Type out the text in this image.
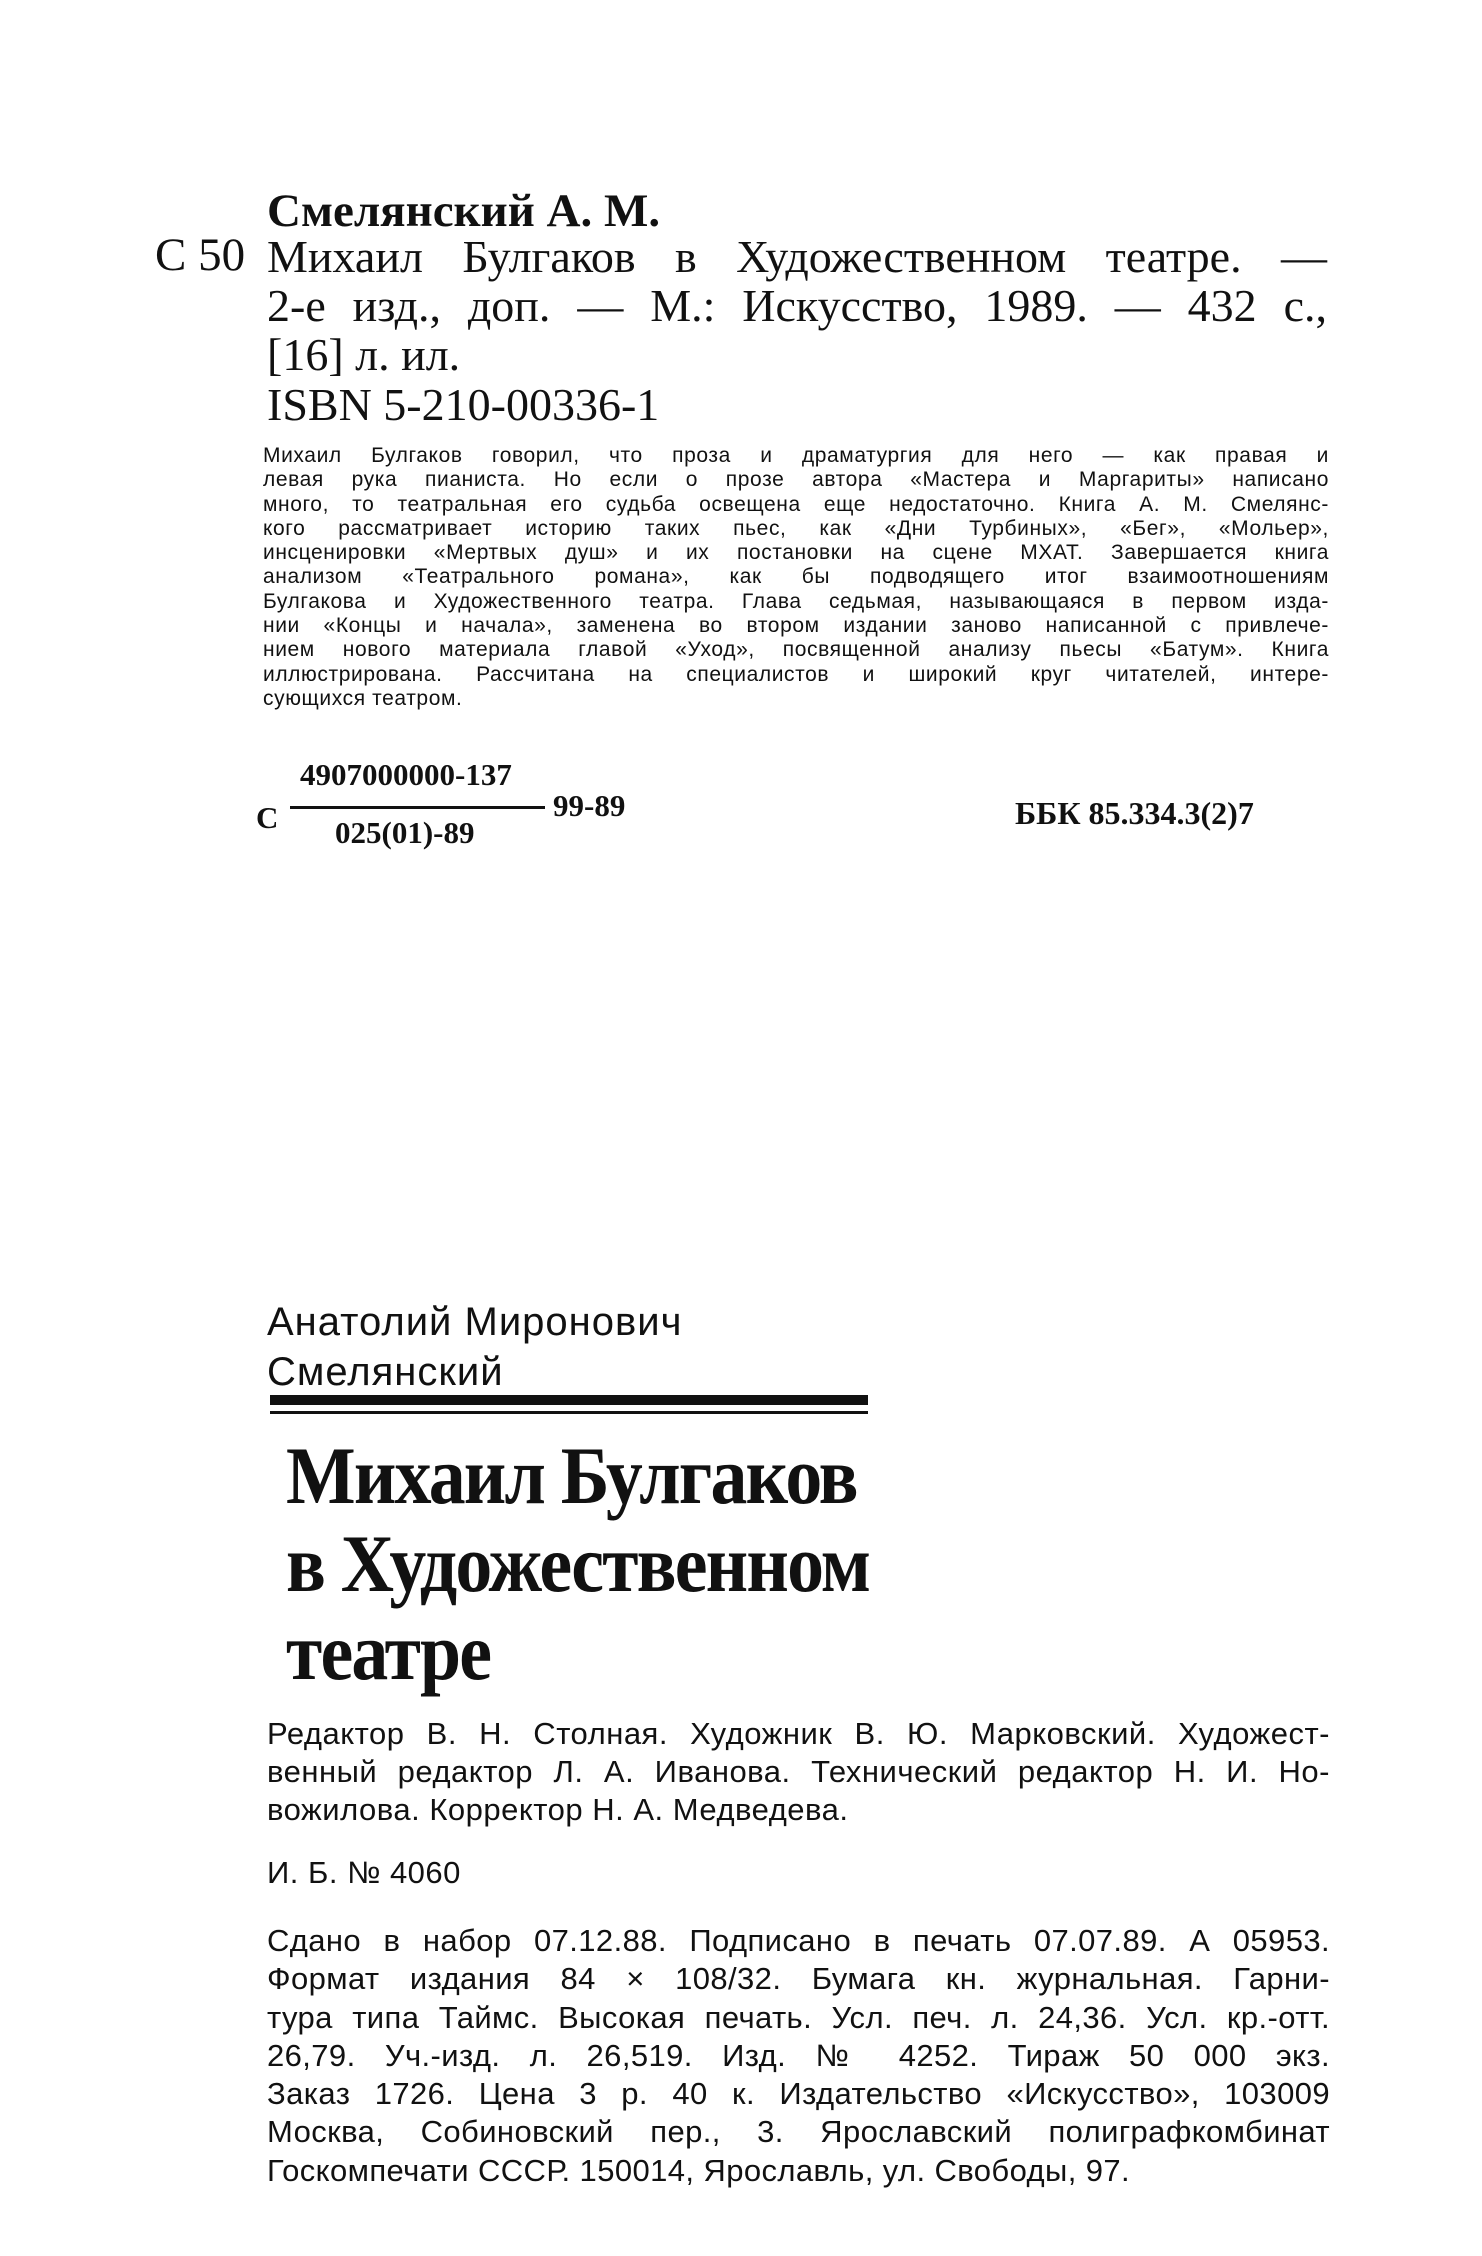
Смелянский А. М.
С 50 Михаил Булгаков в Художественном театре. —
2-е изд., доп. — М.: Искусство, 1989. — 432 с.,
[16] л. ил.
ISBN 5-210-00336-1
Михаил Булгаков говорил, что проза и драматургия для него — как правая и
левая рука пианиста. Но если о прозе автора «Мастера и Маргариты» написано
много, то театральная его судьба освещена еще недостаточно. Книга А. М. Смелянс-
кого рассматривает историю таких пьес, как «Дни Турбиных», «Бег», «Мольер»,
инсценировки «Мертвых душ» и их постановки на сцене МХАТ. Завершается книга
анализом «Театрального романа», как бы подводящего итог взаимоотношениям
Булгакова и Художественного театра. Глава седьмая, называющаяся в первом изда-
нии «Концы и начала», заменена во втором издании заново написанной с привлече-
нием нового материала главой «Уход», посвященной анализу пьесы «Батум». Книга
иллюстрирована. Рассчитана на специалистов и широкий круг читателей, интере-
сующихся театром.
С
4907000000-137
025(01)-89
99-89	ББК 85.334.3(2)7
Анатолий Миронович
Смелянский
Михаил Булгаков
в Художественном
театре
Редактор В. Н. Столная. Художник В. Ю. Марковский. Художест-
венный редактор Л. А. Иванова. Технический редактор Н. И. Но-
вожилова. Корректор Н. А. Медведева.
И. Б. № 4060
Сдано в набор 07.12.88. Подписано в печать 07.07.89. А 05953.
Формат издания 84 × 108/32. Бумага кн. журнальная. Гарни-
тура типа Таймс. Высокая печать. Усл. печ. л. 24,36. Усл. кр.-отт.
26,79. Уч.-изд. л. 26,519. Изд. № 4252. Тираж 50 000 экз.
Заказ 1726. Цена 3 р. 40 к. Издательство «Искусство», 103009
Москва, Собиновский пер., 3. Ярославский полиграфкомбинат
Госкомпечати СССР. 150014, Ярославль, ул. Свободы, 97.
